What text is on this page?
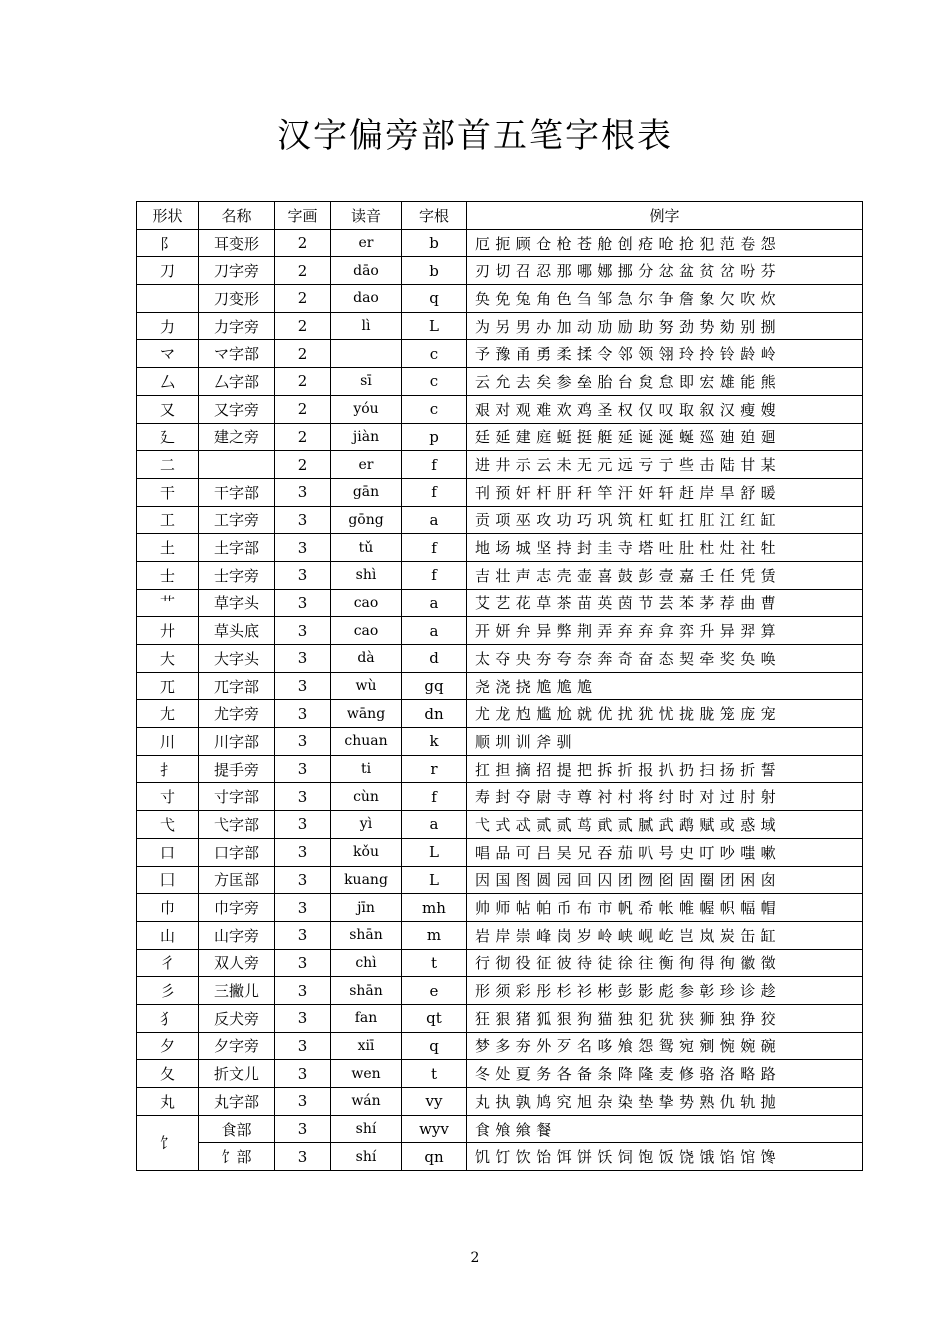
汉字偏旁部首五笔字根表
形状	名称	字画	读音	字根	例字
阝	耳变形	2	er	b	厄扼顾仓枪苍舱创疮呛抢犯范卷怨
刀	刀字旁	2	dāo	b	刃切召忍那哪娜挪分忿盆贫岔吩芬
	刀变形	2	dao	q	奂免兔角色刍邹急尔争詹象欠吹炊
力	力字旁	2	lì	L	为另男办加动劢励助努劲势劾别捌
マ	マ字部	2		c	予豫甬勇柔揉令邻领翎玲拎铃龄岭
厶	厶字部	2	sī	c	云允去矣参垒胎台炱怠即宏雄能熊
又	又字旁	2	yóu	c	艰对观难欢鸡圣权仅叹取叙汉瘦嫂
廴	建之旁	2	jiàn	p	廷延建庭蜓挺艇延诞涎蜒廵廸廹廻
二		2	er	f	进井示云未无元远亏亍些击陆甘某
干	干字部	3	gān	f	刊预奸杆肝秆竿汗奸轩赶岸旱舒暖
工	工字旁	3	gōng	a	贡项巫攻功巧巩筑杠虹扛肛江红缸
土	土字部	3	tǔ	f	地场城坚持封圭寺塔吐肚杜灶社牡
士	士字旁	3	shì	f	吉壮声志壳壶喜鼓彭壹嘉壬任凭赁
艹	草字头	3	cao	a	艾艺花草茶苗英茵节芸苯茅荐曲曹
廾	草头底	3	cao	a	开妍弁异弊荆弄弃弃弇弈升异羿算
大	大字头	3	dà	d	太夺央夯夸奈奔奇奋态契牵奖奂唤
兀	兀字部	3	wù	gq	尧浇挠尯尯尯
尢	尤字旁	3	wāng	dn	尤龙尥尴尬就优扰犹忧拢胧笼庞宠
川	川字部	3	chuan	k	顺圳训斧驯
扌	提手旁	3	ti	r	扛担摘招提把拆折报扒扔扫扬折誓
寸	寸字部	3	cùn	f	寿封夺尉寺尊衬村将纣时对过肘射
弋	弋字部	3	yì	a	弋式忒贰贰茑貮贰腻武鹉赋或惑域
口	口字部	3	kǒu	L	唱品可吕吴兄吞茄叭号史叮吵嗤嗽
囗	方匡部	3	kuang	L	因国图圆园回囚团囫囵固圈团困囱
巾	巾字旁	3	jīn	mh	帅师帖帕币布市帆希帐帷幄帜幅帽
山	山字旁	3	shān	m	岩岸崇峰岗岁岭峡岘屹岂岚炭缶缸
彳	双人旁	3	chì	t	行彻役征彼待徒徐往衡徇得徇徽徵
彡	三撇儿	3	shān	e	形须彩彤杉衫彬彭影彪参彰珍诊趁
犭	反犬旁	3	fan	qt	狂狠猪狐狠狗猫独犯犹狭狮独狰狡
夕	夕字旁	3	xiī	q	梦多夯外歹名哆飧怨鸳宛剜惋婉碗
夂	折文儿	3	wen	t	冬处夏务各备条降隆麦修骆洛略路
丸	丸字部	3	wán	vy	丸执孰鸠究旭杂染垫挚势熟仇轨抛
饣	食部	3	shí	wyv	食飧飨餐
	饣部	3	shí	qn	饥饤饮饴饵饼饫饲饱饭饶饿馅馆馋
2
